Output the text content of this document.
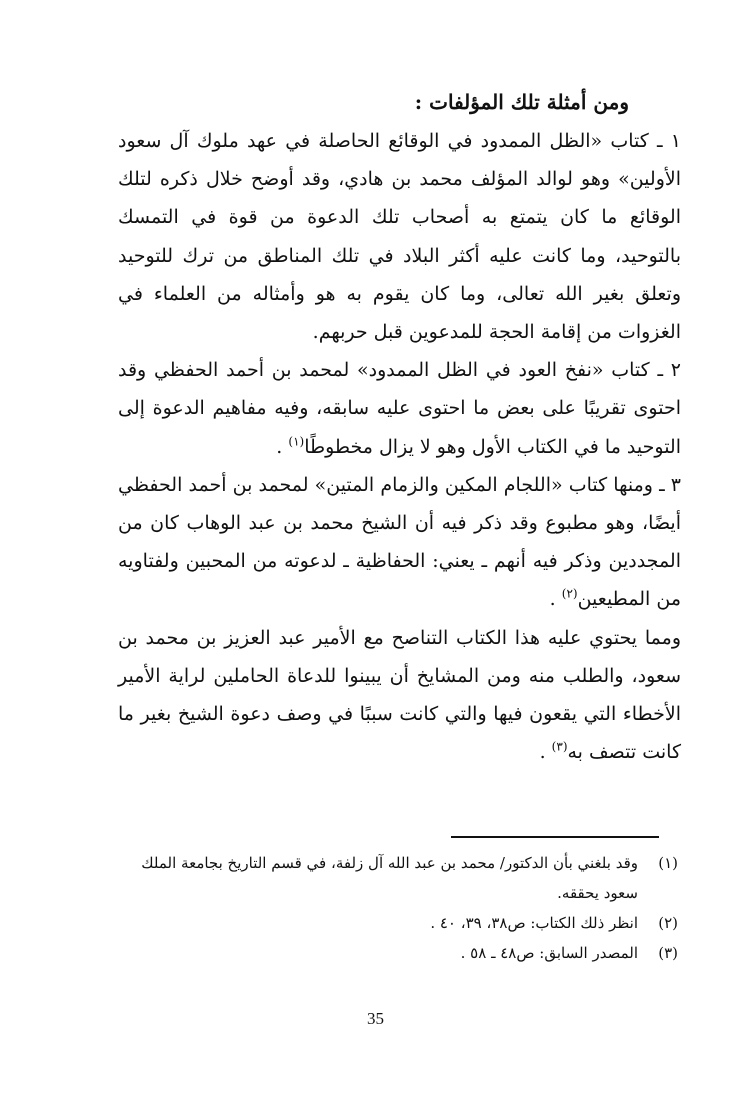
ومن أمثلة تلك المؤلفات :

١ ـ كتاب «الظل الممدود في الوقائع الحاصلة في عهد ملوك آل سعود الأولين» وهو لوالد المؤلف محمد بن هادي، وقد أوضح خلال ذكره لتلك الوقائع ما كان يتمتع به أصحاب تلك الدعوة من قوة في التمسك بالتوحيد، وما كانت عليه أكثر البلاد في تلك المناطق من ترك للتوحيد وتعلق بغير الله تعالى، وما كان يقوم به هو وأمثاله من العلماء في الغزوات من إقامة الحجة للمدعوين قبل حربهم.

٢ ـ كتاب «نفخ العود في الظل الممدود» لمحمد بن أحمد الحفظي وقد احتوى تقريبًا على بعض ما احتوى عليه سابقه، وفيه مفاهيم الدعوة إلى التوحيد ما في الكتاب الأول وهو لا يزال مخطوطًا$^{(١)}$ .

٣ ـ ومنها كتاب «اللجام المكين والزمام المتين» لمحمد بن أحمد الحفظي أيضًا، وهو مطبوع وقد ذكر فيه أن الشيخ محمد بن عبد الوهاب كان من المجددين وذكر فيه أنهم ـ يعني: الحفاظية ـ لدعوته من المحبين ولفتاويه من المطيعين$^{(٢)}$ .

ومما يحتوي عليه هذا الكتاب التناصح مع الأمير عبد العزيز بن محمد بن سعود، والطلب منه ومن المشايخ أن يبينوا للدعاة الحاملين لراية الأمير الأخطاء التي يقعون فيها والتي كانت سببًا في وصف دعوة الشيخ بغير ما كانت تتصف به$^{(٣)}$ .

(١)وقد بلغني بأن الدكتور/ محمد بن عبد الله آل زلفة، في قسم التاريخ بجامعة الملك

سعود يحققه.

(٢)انظر ذلك الكتاب: ص٣٨، ٣٩، ٤٠ .

(٣)المصدر السابق: ص٤٨ ـ ٥٨ .

35
